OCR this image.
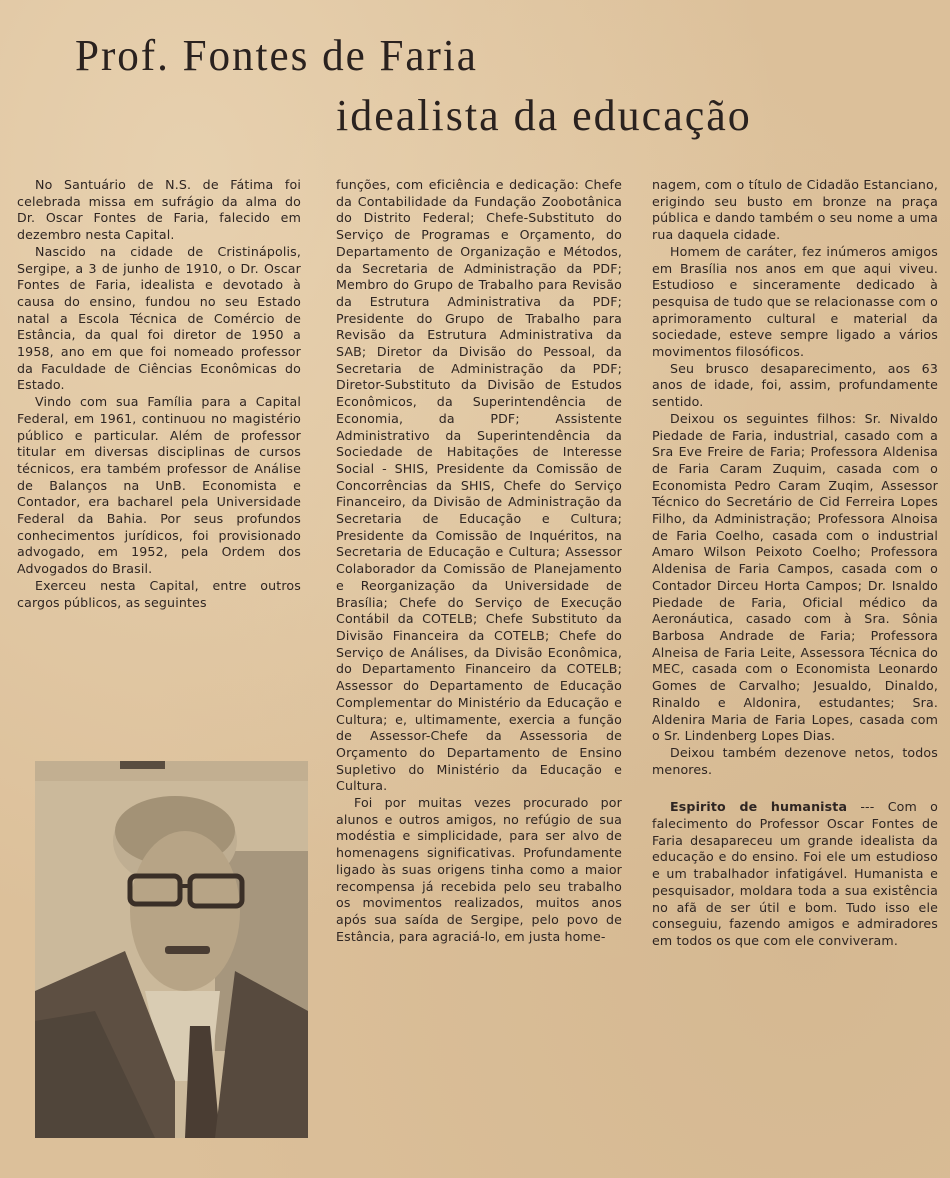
Prof. Fontes de Faria
idealista da educação

No Santuário de N.S. de Fátima foi celebrada missa em sufrágio da alma do Dr. Oscar Fontes de Faria, falecido em dezembro nesta Capital.

Nascido na cidade de Cristinápolis, Sergipe, a 3 de junho de 1910, o Dr. Oscar Fontes de Faria, idealista e devotado à causa do ensino, fundou no seu Estado natal a Escola Técnica de Comércio de Estância, da qual foi diretor de 1950 a 1958, ano em que foi nomeado professor da Faculdade de Ciências Econômicas do Estado.

Vindo com sua Família para a Capital Federal, em 1961, continuou no magistério público e particular. Além de professor titular em diversas disciplinas de cursos técnicos, era também professor de Análise de Balanços na UnB. Economista e Contador, era bacharel pela Universidade Federal da Bahia. Por seus profundos conhecimentos jurídicos, foi provisionado advogado, em 1952, pela Ordem dos Advogados do Brasil.

Exerceu nesta Capital, entre outros cargos públicos, as seguintes

funções, com eficiência e dedicação: Chefe da Contabilidade da Fundação Zoobotânica do Distrito Federal; Chefe-Substituto do Serviço de Programas e Orçamento, do Departamento de Organização e Métodos, da Secretaria de Administração da PDF; Membro do Grupo de Trabalho para Revisão da Estrutura Administrativa da PDF; Presidente do Grupo de Trabalho para Revisão da Estrutura Administrativa da SAB; Diretor da Divisão do Pessoal, da Secretaria de Administração da PDF; Diretor-Substituto da Divisão de Estudos Econômicos, da Superintendência de Economia, da PDF; Assistente Administrativo da Superintendência da Sociedade de Habitações de Interesse Social - SHIS, Presidente da Comissão de Concorrências da SHIS, Chefe do Serviço Financeiro, da Divisão de Administração da Secretaria de Educação e Cultura; Presidente da Comissão de Inquéritos, na Secretaria de Educação e Cultura; Assessor Colaborador da Comissão de Planejamento e Reorganização da Universidade de Brasília; Chefe do Serviço de Execução Contábil da COTELB; Chefe Substituto da Divisão Financeira da COTELB; Chefe do Serviço de Análises, da Divisão Econômica, do Departamento Financeiro da COTELB; Assessor do Departamento de Educação Complementar do Ministério da Educação e Cultura; e, ultimamente, exercia a função de Assessor-Chefe da Assessoria de Orçamento do Departamento de Ensino Supletivo do Ministério da Educação e Cultura.

Foi por muitas vezes procurado por alunos e outros amigos, no refúgio de sua modéstia e simplicidade, para ser alvo de homenagens significativas. Profundamente ligado às suas origens tinha como a maior recompensa já recebida pelo seu trabalho os movimentos realizados, muitos anos após sua saída de Sergipe, pelo povo de Estância, para agraciá-lo, em justa home-

nagem, com o título de Cidadão Estanciano, erigindo seu busto em bronze na praça pública e dando também o seu nome a uma rua daquela cidade.

Homem de caráter, fez inúmeros amigos em Brasília nos anos em que aqui viveu. Estudioso e sinceramente dedicado à pesquisa de tudo que se relacionasse com o aprimoramento cultural e material da sociedade, esteve sempre ligado a vários movimentos filosóficos.

Seu brusco desaparecimento, aos 63 anos de idade, foi, assim, profundamente sentido.

Deixou os seguintes filhos: Sr. Nivaldo Piedade de Faria, industrial, casado com a Sra Eve Freire de Faria; Professora Aldenisa de Faria Caram Zuquim, casada com o Economista Pedro Caram Zuqim, Assessor Técnico do Secretário de Cid Ferreira Lopes Filho, da Administração; Professora Alnoisa de Faria Coelho, casada com o industrial Amaro Wilson Peixoto Coelho; Professora Aldenisa de Faria Campos, casada com o Contador Dirceu Horta Campos; Dr. Isnaldo Piedade de Faria, Oficial médico da Aeronáutica, casado com à Sra. Sônia Barbosa Andrade de Faria; Professora Alneisa de Faria Leite, Assessora Técnica do MEC, casada com o Economista Leonardo Gomes de Carvalho; Jesualdo, Dinaldo, Rinaldo e Aldonira, estudantes; Sra. Aldenira Maria de Faria Lopes, casada com o Sr. Lindenberg Lopes Dias.

Deixou também dezenove netos, todos menores.

Espirito de humanista --- Com o falecimento do Professor Oscar Fontes de Faria desapareceu um grande idealista da educação e do ensino. Foi ele um estudioso e um trabalhador infatigável. Humanista e pesquisador, moldara toda a sua existência no afã de ser útil e bom. Tudo isso ele conseguiu, fazendo amigos e admiradores em todos os que com ele conviveram.
